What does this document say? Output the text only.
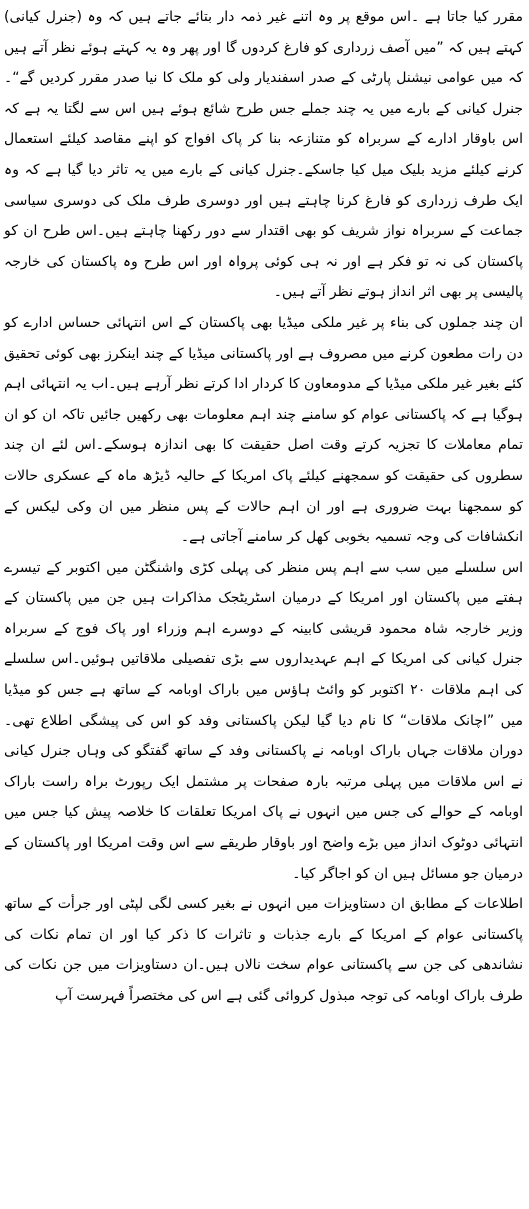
مقرر کیا جاتا ہے ۔اس موقع پر وہ اتنے غیر ذمہ دار بتائے جاتے ہیں کہ وہ (جنرل کیانی) کہتے ہیں کہ ”میں آصف زرداری کو فارغ کردوں گا اور پھر وہ یہ کہتے ہوئے نظر آتے ہیں کہ میں عوامی نیشنل پارٹی کے صدر اسفندیار ولی کو ملک کا نیا صدر مقرر کردیں گے“۔ جنرل کیانی کے بارے میں یہ چند جملے جس طرح شائع ہوئے ہیں اس سے لگتا یہ ہے کہ اس باوقار ادارے کے سربراہ کو متنازعہ بنا کر پاک افواج کو اپنے مقاصد کیلئے استعمال کرنے کیلئے مزید بلیک میل کیا جاسکے۔جنرل کیانی کے بارے میں یہ تاثر دیا گیا ہے کہ وہ ایک طرف زرداری کو فارغ کرنا چاہتے ہیں اور دوسری طرف ملک کی دوسری سیاسی جماعت کے سربراہ نواز شریف کو بھی اقتدار سے دور رکھنا چاہتے ہیں۔اس طرح ان کو پاکستان کی نہ تو فکر ہے اور نہ ہی کوئی پرواہ اور اس طرح وہ پاکستان کی خارجہ پالیسی پر بھی اثر انداز ہوتے نظر آتے ہیں۔

ان چند جملوں کی بناء پر غیر ملکی میڈیا بھی پاکستان کے اس انتہائی حساس ادارے کو دن رات مطعون کرنے میں مصروف ہے اور پاکستانی میڈیا کے چند اینکرز بھی کوئی تحقیق کئے بغیر غیر ملکی میڈیا کے مدومعاون کا کردار ادا کرتے نظر آرہے ہیں۔اب یہ انتہائی اہم ہوگیا ہے کہ پاکستانی عوام کو سامنے چند اہم معلومات بھی رکھیں جائیں تاکہ ان کو ان تمام معاملات کا تجزیہ کرتے وقت اصل حقیقت کا بھی اندازہ ہوسکے۔اس لئے ان چند سطروں کی حقیقت کو سمجھنے کیلئے پاک امریکا کے حالیہ ڈیڑھ ماہ کے عسکری حالات کو سمجھنا بہت ضروری ہے اور ان اہم حالات کے پس منظر میں ان وکی لیکس کے انکشافات کی وجہ تسمیہ بخوبی کھل کر سامنے آجاتی ہے۔

اس سلسلے میں سب سے اہم پس منظر کی پہلی کڑی واشنگٹن میں اکتوبر کے تیسرے ہفتے میں پاکستان اور امریکا کے درمیان اسٹریٹجک مذاکرات ہیں جن میں پاکستان کے وزیر خارجہ شاہ محمود قریشی کابینہ کے دوسرے اہم وزراء اور پاک فوج کے سربراہ جنرل کیانی کی امریکا کے اہم عہدیداروں سے بڑی تفصیلی ملاقاتیں ہوئیں۔اس سلسلے کی اہم ملاقات ۲۰ اکتوبر کو وائٹ ہاؤس میں باراک اوبامہ کے ساتھ ہے جس کو میڈیا میں ”اچانک ملاقات“ کا نام دیا گیا لیکن پاکستانی وفد کو اس کی پیشگی اطلاع تھی۔دوران ملاقات جہاں باراک اوبامہ نے پاکستانی وفد کے ساتھ گفتگو کی وہاں جنرل کیانی نے اس ملاقات میں پہلی مرتبہ بارہ صفحات پر مشتمل ایک رپورٹ براہ راست باراک اوبامہ کے حوالے کی جس میں انہوں نے پاک امریکا تعلقات کا خلاصہ پیش کیا جس میں انتہائی دوٹوک انداز میں بڑے واضح اور باوقار طریقے سے اس وقت امریکا اور پاکستان کے درمیان جو مسائل ہیں ان کو اجاگر کیا۔

اطلاعات کے مطابق ان دستاویزات میں انہوں نے بغیر کسی لگی لپٹی اور جرأت کے ساتھ پاکستانی عوام کے امریکا کے بارے جذبات و تاثرات کا ذکر کیا اور ان تمام نکات کی نشاندھی کی جن سے پاکستانی عوام سخت نالاں ہیں۔ان دستاویزات میں جن نکات کی طرف باراک اوبامہ کی توجہ مبذول کروائی گئی ہے اس کی مختصراً فہرست آپ
